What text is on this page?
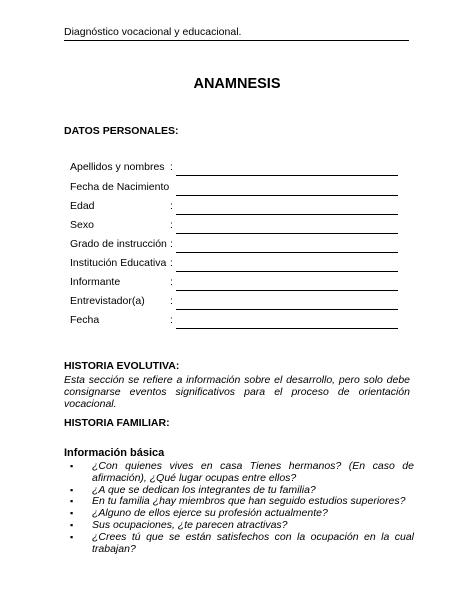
Diagnóstico vocacional y educacional.
ANAMNESIS
DATOS PERSONALES:
Apellidos y nombres :
Fecha de Nacimiento
Edad	:
Sexo	:
Grado de instrucción :
Institución Educativa :
Informante	:
Entrevistador(a) :
Fecha	:
HISTORIA EVOLUTIVA:
Esta sección se refiere a información sobre el desarrollo, pero solo debe consignarse eventos significativos para el proceso de orientación vocacional.
HISTORIA FAMILIAR:
Información básica
▪ ¿Con quienes vives en casa Tienes hermanos? (En caso de afirmación), ¿Qué lugar ocupas entre ellos?
▪ ¿A que se dedican los integrantes de tu familia?
▪ En tu familia ¿hay miembros que han seguido estudios superiores?
▪ ¿Alguno de ellos ejerce su profesión actualmente?
▪ Sus ocupaciones, ¿te parecen atractivas?
▪ ¿Crees tú que se están satisfechos con la ocupación en la cual trabajan?
